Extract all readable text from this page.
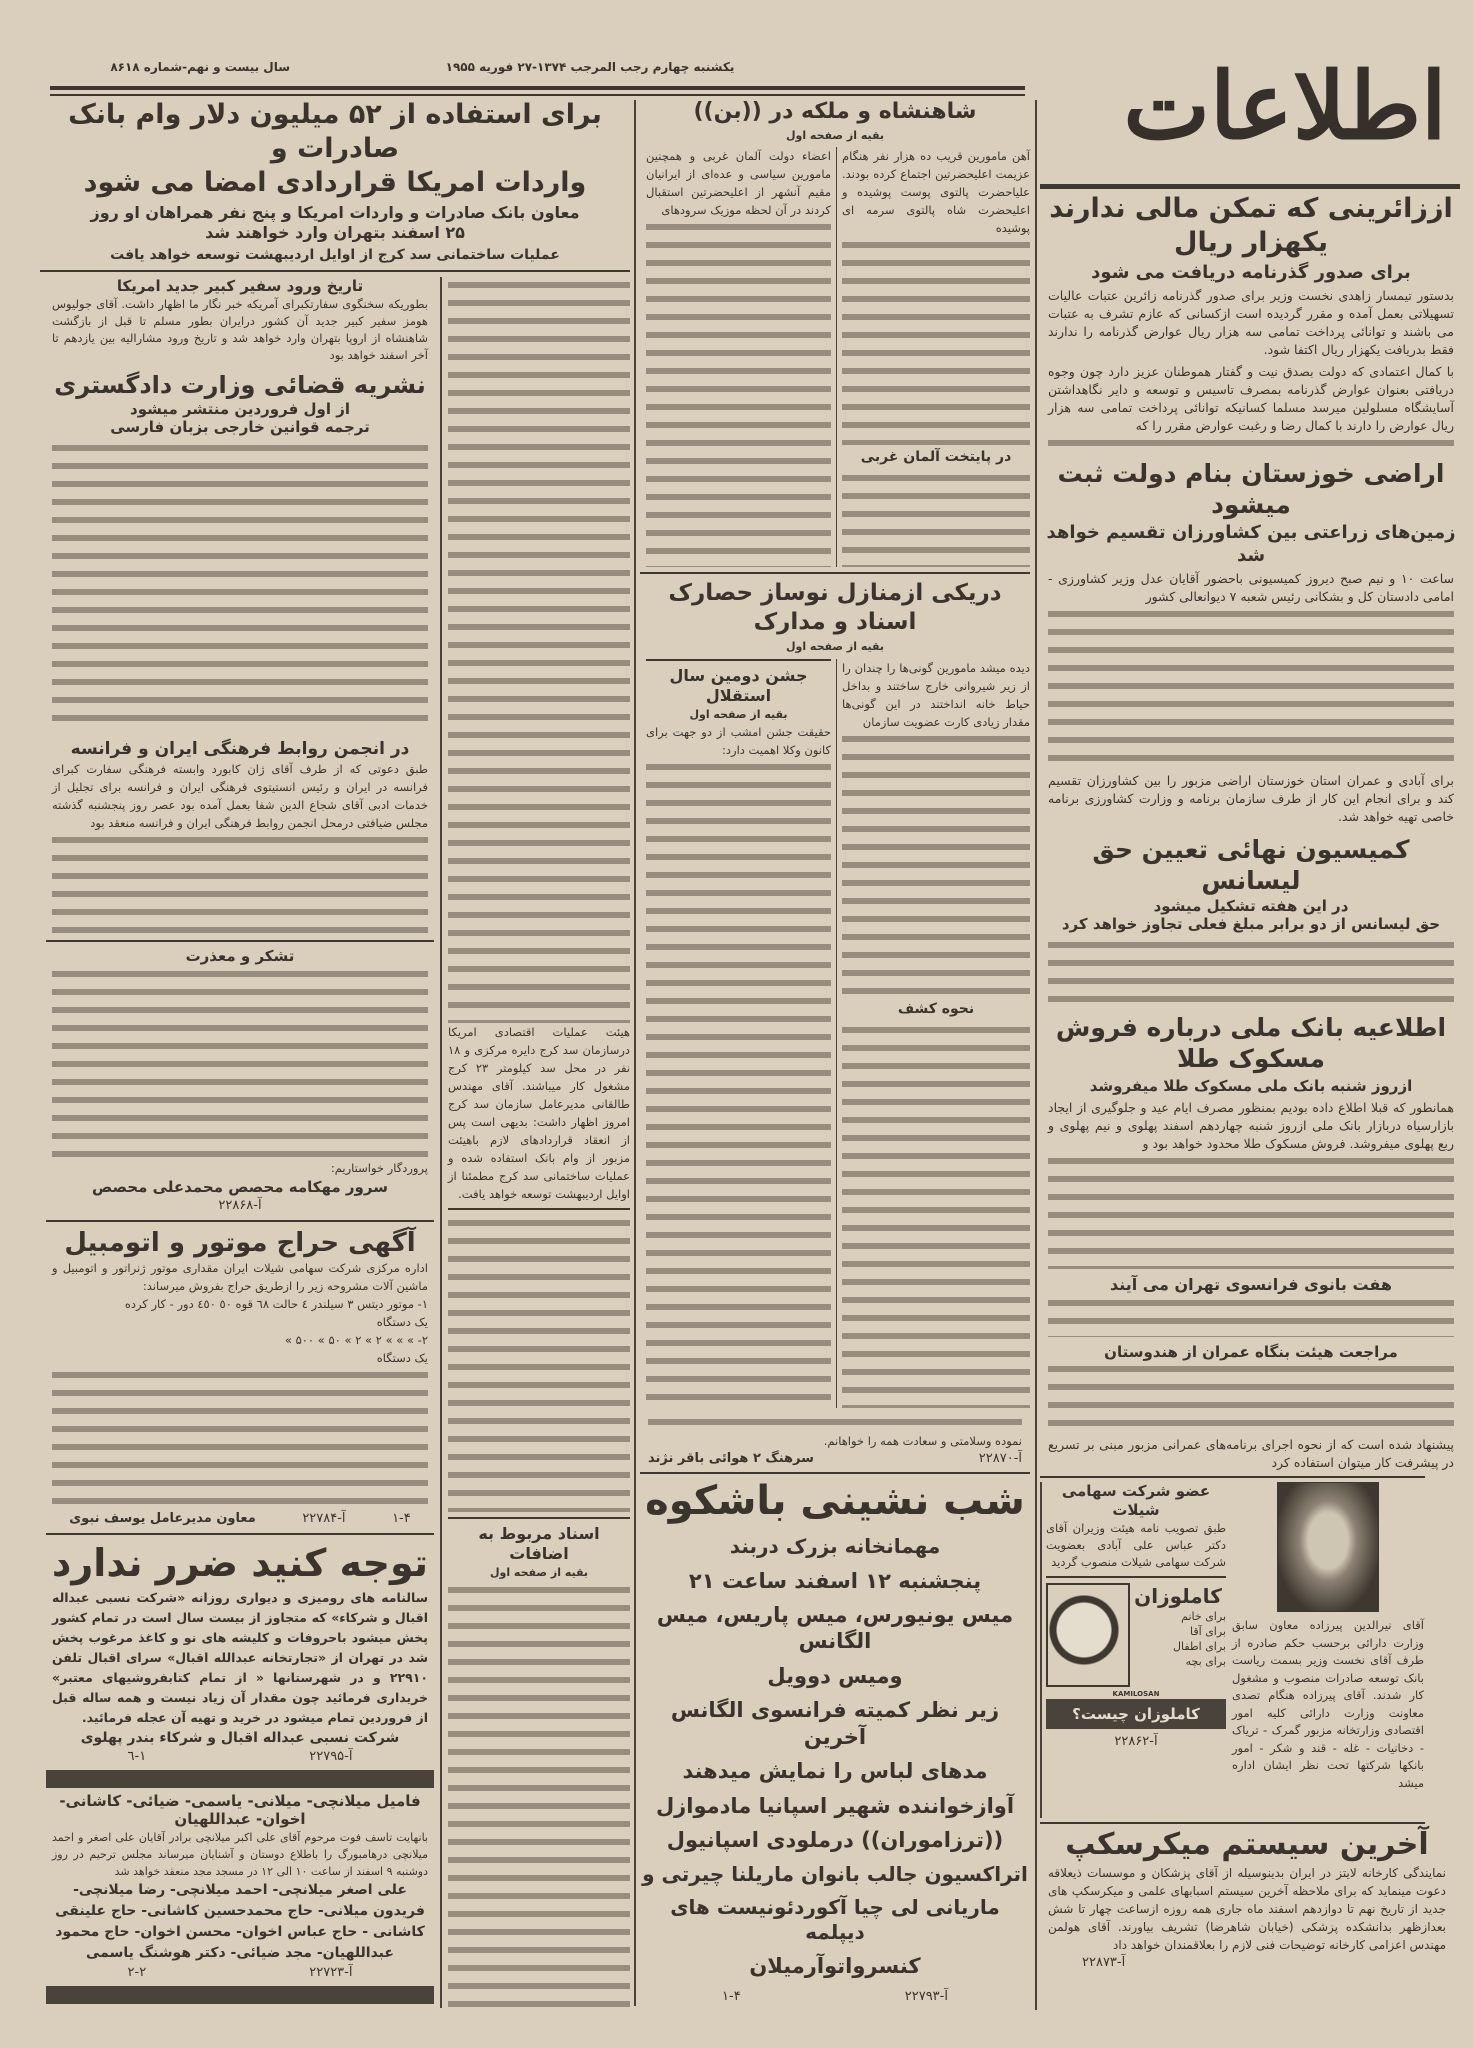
سال بیست و نهم-شماره ۸۶۱۸	یکشنبه چهارم رجب المرجب ۱۳۷۴-۲۷ فوریه ۱۹۵۵	اطلاعات
اززائرینی که تمکن مالی ندارند یکهزار ریال
برای صدور گذرنامه دریافت می شود
بدستور تیمسار زاهدی نخست وزیر برای صدور گذرنامه زائرین عتبات عالیات تسهیلاتی بعمل آمده و مقرر گردیده است ازکسانی که عازم تشرف به عتبات می باشند و توانائی پرداخت تمامی سه هزار ریال عوارض گذرنامه را ندارند فقط بدریافت یکهزار ریال اکتفا شود.
با کمال اعتمادی که دولت بصدق نیت و گفتار هموطنان عزیز دارد چون وجوه دریافتی بعنوان عوارض گذرنامه بمصرف تاسیس و توسعه و دایر نگاهداشتن آسایشگاه مسلولین میرسد مسلما کسانیکه توانائی پرداخت تمامی سه هزار ریال عوارض را دارند با کمال رضا و رغبت عوارض مقرر را که
اراضی خوزستان بنام دولت ثبت میشود
زمین‌های زراعتی بین کشاورزان تقسیم خواهد شد
ساعت ۱۰ و نیم صبح دیروز کمیسیونی باحضور آقایان عدل وزیر کشاورزی - امامی دادستان کل و بشکانی رئیس شعبه ۷ دیوانعالی کشور
برای آبادی و عمران استان خوزستان اراضی مزبور را بین کشاورزان تقسیم کند و برای انجام این کار از طرف سازمان برنامه و وزارت کشاورزی برنامه خاصی تهیه خواهد شد.
کمیسیون نهائی تعیین حق لیسانس
در این هفته تشکیل میشود
حق لیسانس از دو برابر مبلغ فعلی تجاوز خواهد کرد
اطلاعیه بانک ملی درباره فروش مسکوک طلا
ازروز شنبه بانک ملی مسکوک طلا میفروشد
همانطور که قبلا اطلاع داده بودیم بمنظور مصرف ایام عید و جلوگیری از ایجاد بازارسیاه دربازار بانک ملی ازروز شنبه چهاردهم اسفند پهلوی و نیم پهلوی و ربع پهلوی میفروشد. فروش مسکوک طلا محدود خواهد بود و
هفت بانوی فرانسوی تهران می آیند
مراجعت هیئت بنگاه عمران از هندوستان
پیشنهاد شده است که از نحوه اجرای برنامه‌های عمرانی مزبور مبنی بر تسریع در پیشرفت کار میتوان استفاده کرد
عضو شرکت سهامی شیلات
طبق تصویب نامه هیئت وزیران آقای دکتر عباس علی آبادی بعضویت شرکت سهامی شیلات منصوب گردید
کاملوزان
برای خانم
برای آقا
برای اطفال
برای بچه
KAMILOSAN
کاملوزان چیست؟
آ-۲۲۸۶۲
آقای نیرالدین پیرزاده معاون سابق وزارت دارائی برحسب حکم صادره از طرف آقای نخست وزیر بسمت ریاست بانک توسعه صادرات منصوب و مشغول کار شدند. آقای پیرزاده هنگام تصدی معاونت وزارت دارائی کلیه امور اقتصادی وزارتخانه مزبور گمرک - تریاک - دخانیات - غله - قند و شکر - امور بانکها شرکتها تحت نظر ایشان اداره میشد
آخرین سیستم میکرسکپ
نمایندگی کارخانه لایتز در ایران بدینوسیله از آقای پزشکان و موسسات ذیعلاقه دعوت مینماید که برای ملاحظه آخرین سیستم اسبابهای علمی و میکرسکپ های جدید از تاریخ نهم تا دوازدهم اسفند ماه جاری همه روزه ازساعت چهار تا شش بعدازظهر بدانشکده پزشکی (خیابان شاهرضا) تشریف بیاورند. آقای هولمن مهندس اعزامی کارخانه توضیحات فنی لازم را بعلاقمندان خواهد داد
آ-۲۲۸۷۳
شاهنشاه و ملکه در ((بن))
بقیه از صفحه اول
آهن مامورین قریب ده هزار نفر هنگام عزیمت اعلیحضرتین اجتماع کرده بودند. علیاحضرت پالتوی پوست پوشیده و اعلیحضرت شاه پالتوی سرمه ای پوشیده
در پایتخت آلمان غربی
اعضاء دولت آلمان غربی و همچنین مامورین سیاسی و عده‌ای از ایرانیان مقیم آنشهر از اعلیحضرتین استقبال کردند در آن لحظه موزیک سرودهای
دریکی ازمنازل نوساز حصارک اسناد و مدارک
بقیه از صفحه اول
دیده میشد مامورین گونی‌ها را چندان را از زیر شیروانی خارج ساختند و بداخل حیاط خانه انداختند در این گونی‌ها مقدار زیادی کارت عضویت سازمان
نحوه کشف
جشن دومین سال استقلال
بقیه از صفحه اول
حقیقت جشن امشب از دو جهت برای کانون وکلا اهمیت دارد:
نموده وسلامتی و سعادت همه را خواهانم.
آ-۲۲۸۷۰
سرهنگ ۲ هوائی باقر نژند
شب نشینی باشکوه
مهمانخانه بزرک دربند
پنجشنبه ۱۲ اسفند ساعت ۲۱
میس یونیورس، میس پاریس، میس الگانس
ومیس دوویل
زیر نظر کمیته فرانسوی الگانس آخرین
مدهای لباس را نمایش میدهند
آوازخواننده شهیر اسپانیا مادموازل
((ترزاموران)) درملودی اسپانیول
اتراکسیون جالب بانوان ماریلنا چیرتی و
ماریانی لی چیا آکوردئونیست های دیپلمه
کنسرواتوآرمیلان
آ-۲۲۷۹۳
۱-۴
برای استفاده از ۵۲ میلیون دلار وام بانک صادرات و
واردات امریکا قراردادی امضا می شود
معاون بانک صادرات و واردات امریکا و پنج نفر همراهان او روز
۲۵ اسفند بتهران وارد خواهند شد
عملیات ساختمانی سد کرج از اوایل اردیبهشت توسعه خواهد یافت
هیئت عملیات اقتصادی امریکا درسازمان سد کرج دایره مرکزی و ۱۸ نفر در محل سد کیلومتر ۲۳ کرج مشغول کار میباشند. آقای مهندس طالقانی مدیرعامل سازمان سد کرج امروز اظهار داشت: بدیهی است پس از انعقاد قراردادهای لازم باهیئت مزبور از وام بانک استفاده شده و عملیات ساختمانی سد کرج مطمئنا از اوایل اردیبهشت توسعه خواهد یافت.
اسناد مربوط به اضافات
بقیه از صفحه اول
تاریخ ورود سفیر کبیر جدید امریکا
بطوریکه سخنگوی سفارتکبرای آمریکه خبر نگار ما اظهار داشت. آقای جولیوس هومز سفیر کبیر جدید آن کشور درایران بطور مسلم تا قبل از بازگشت شاهنشاه از اروپا بتهران وارد خواهد شد و تاریخ ورود مشارالیه بین یازدهم تا آخر اسفند خواهد بود
نشریه قضائی وزارت دادگستری
از اول فروردین منتشر میشود
ترجمه قوانین خارجی بزبان فارسی
در انجمن روابط فرهنگی ایران و فرانسه
طبق دعوتی که از طرف آقای ژان کابورد وابسته فرهنگی سفارت کبرای فرانسه در ایران و رئیس انستیتوی فرهنگی ایران و فرانسه برای تجلیل از خدمات ادبی آقای شجاع الدین شفا بعمل آمده بود عصر روز پنجشنبه گذشته مجلس ضیافتی درمحل انجمن روابط فرهنگی ایران و فرانسه منعقد بود
تشکر و معذرت
پروردگار خواستاریم:
سرور مهکامه محصص محمدعلی محصص
آ-۲۲۸۶۸
آگهی حراج موتور و اتومبیل
اداره مرکزی شرکت سهامی شیلات ایران مقداری موتور ژنراتور و اتومبیل و ماشین آلات مشروحه زیر را ازطریق حراج بفروش میرساند:
۱- موتور دیتس ۳ سیلندر ٤ حالت ٦٨ قوه ٥٠ ٤٥٠ دور - کار کرده
یک دستگاه
۲- » » » ۲ » ۲ » ۵۰ » ۵۰۰ »
یک دستگاه
۱-۴
آ-۲۲۷۸۴
معاون مدیرعامل یوسف نبوی
توجه کنید ضرر ندارد
سالنامه های رومیزی و دیواری روزانه «شرکت نسبی عبداله اقبال و شرکاء» که متجاوز از بیست سال است در تمام کشور پخش میشود باحروفات و کلیشه های نو و کاغذ مرغوب پخش شد در تهران از «تجارتخانه عبدالله اقبال» سرای اقبال تلفن ۲۲۹۱۰ و در شهرستانها « از تمام کتابفروشیهای معتبر» خریداری فرمائید چون مقدار آن زیاد نیست و همه ساله قبل از فروردین تمام میشود در خرید و تهیه آن عجله فرمائید.
شرکت نسبی عبداله اقبال و شرکاء بندر پهلوی
آ-۲۲۷۹۵
۱-٦
فامیل میلانچی- میلانی- یاسمی- ضیائی- کاشانی- اخوان- عبداللهیان
بانهایت تاسف فوت مرحوم آقای علی اکبر میلانچی برادر آقایان علی اصغر و احمد میلانچی درهامبورگ را باطلاع دوستان و آشنایان میرساند مجلس ترحیم در روز دوشنبه ۹ اسفند از ساعت ۱۰ الی ۱۲ در مسجد مجد منعقد خواهد شد
علی اصغر میلانچی- احمد میلانچی- رضا میلانچی- فریدون میلانی- حاج محمدحسین کاشانی- حاج علینقی کاشانی - حاج عباس اخوان- محسن اخوان- حاج محمود عبداللهیان- مجد ضیائی- دکتر هوشنگ یاسمی
آ-۲۲۷۲۳
۲-۲
